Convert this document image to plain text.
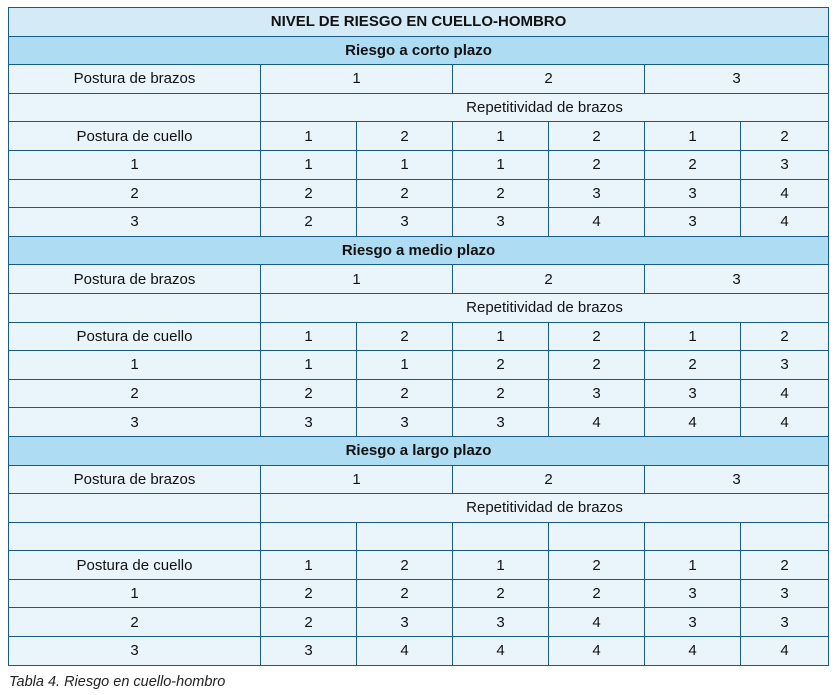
NIVEL DE RIESGO EN CUELLO-HOMBRO						
Riesgo a corto plazo						
Postura de brazos	1		2		3	
	Repetitividad de brazos					
Postura de cuello	1	2	1	2	1	2
1	1	1	1	2	2	3
2	2	2	2	3	3	4
3	2	3	3	4	3	4
Riesgo a medio plazo						
Postura de brazos	1		2		3	
	Repetitividad de brazos					
Postura de cuello	1	2	1	2	1	2
1	1	1	2	2	2	3
2	2	2	2	3	3	4
3	3	3	3	4	4	4
Riesgo a largo plazo						
Postura de brazos	1		2		3	
	Repetitividad de brazos					

Postura de cuello	1	2	1	2	1	2
1	2	2	2	2	3	3
2	2	3	3	4	3	3
3	3	4	4	4	4	4
Tabla 4. Riesgo en cuello-hombro
